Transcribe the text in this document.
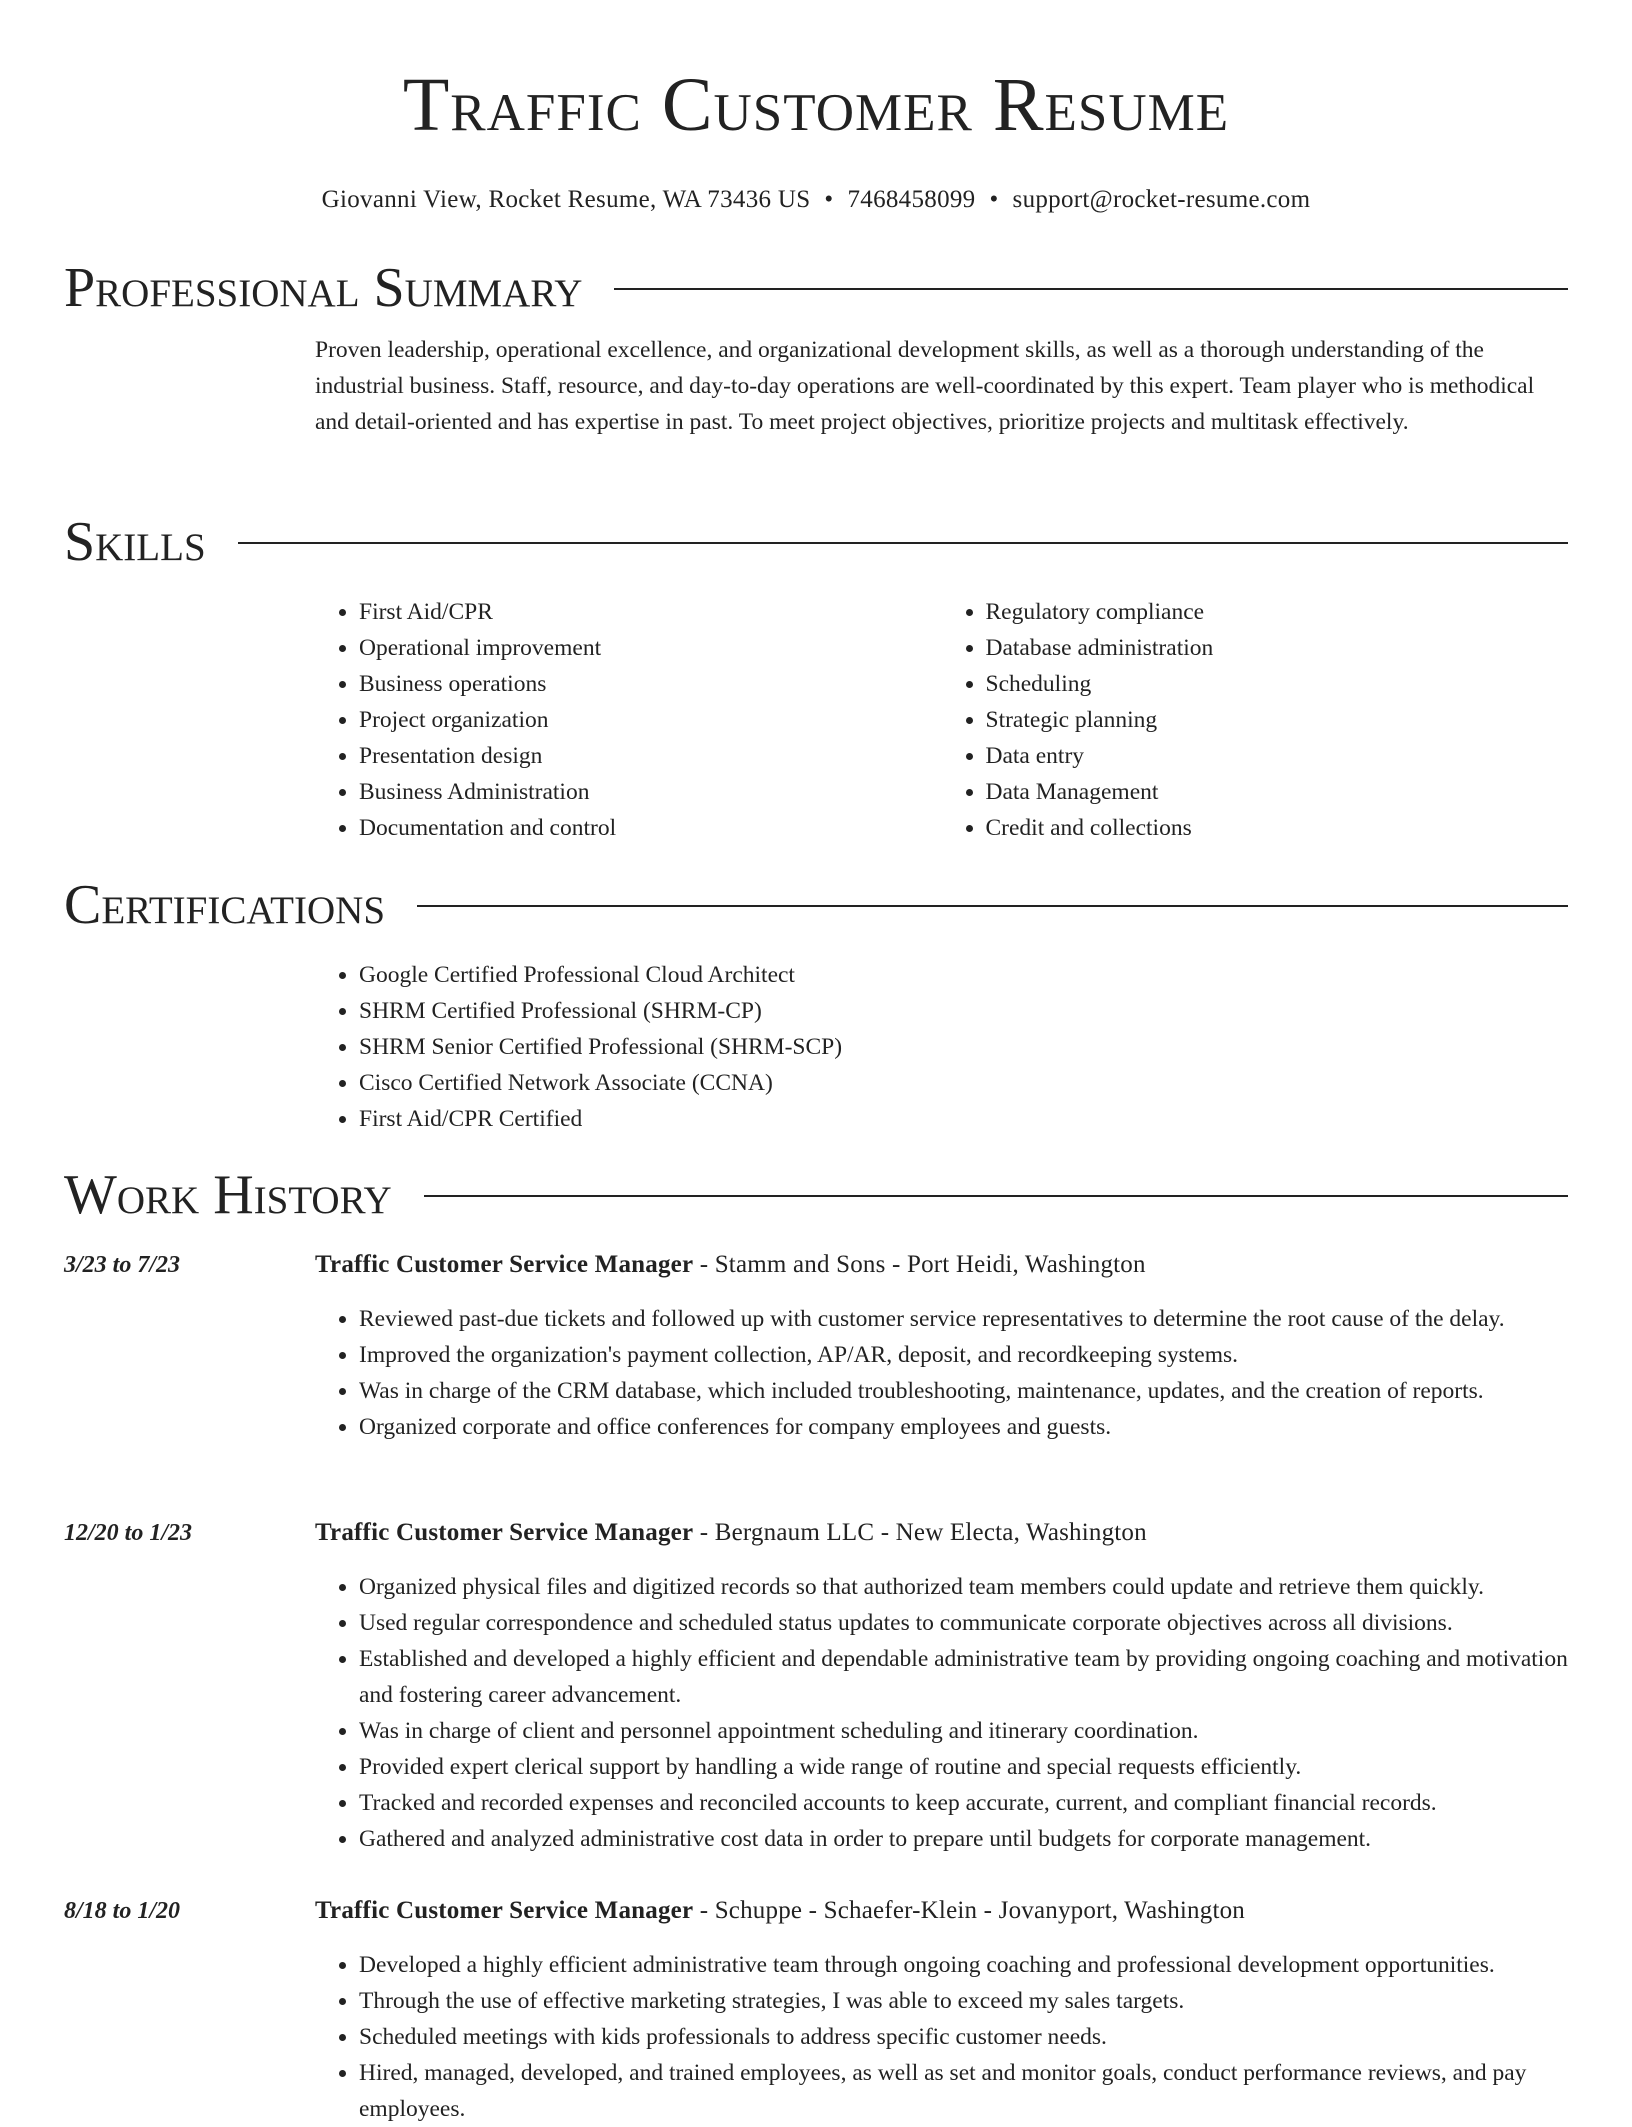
Traffic Customer Resume
Giovanni View, Rocket Resume, WA 73436 US • 7468458099 • support@rocket-resume.com
Professional Summary

Proven leadership, operational excellence, and organizational development skills, as well as a thorough understanding of the industrial business. Staff, resource, and day-to-day operations are well-coordinated by this expert. Team player who is methodical and detail-oriented and has expertise in past. To meet project objectives, prioritize projects and multitask effectively.

Skills
• First Aid/CPR
• Operational improvement
• Business operations
• Project organization
• Presentation design
• Business Administration
• Documentation and control
• Regulatory compliance
• Database administration
• Scheduling
• Strategic planning
• Data entry
• Data Management
• Credit and collections
Certifications
• Google Certified Professional Cloud Architect
• SHRM Certified Professional (SHRM-CP)
• SHRM Senior Certified Professional (SHRM-SCP)
• Cisco Certified Network Associate (CCNA)
• First Aid/CPR Certified
Work History
3/23 to 7/23	Traffic Customer Service Manager - Stamm and Sons - Port Heidi, Washington
• Reviewed past-due tickets and followed up with customer service representatives to determine the root cause of the delay.
• Improved the organization's payment collection, AP/AR, deposit, and recordkeeping systems.
• Was in charge of the CRM database, which included troubleshooting, maintenance, updates, and the creation of reports.
• Organized corporate and office conferences for company employees and guests.
12/20 to 1/23	Traffic Customer Service Manager - Bergnaum LLC - New Electa, Washington
• Organized physical files and digitized records so that authorized team members could update and retrieve them quickly.
• Used regular correspondence and scheduled status updates to communicate corporate objectives across all divisions.
• Established and developed a highly efficient and dependable administrative team by providing ongoing coaching and motivation and fostering career advancement.
• Was in charge of client and personnel appointment scheduling and itinerary coordination.
• Provided expert clerical support by handling a wide range of routine and special requests efficiently.
• Tracked and recorded expenses and reconciled accounts to keep accurate, current, and compliant financial records.
• Gathered and analyzed administrative cost data in order to prepare until budgets for corporate management.
8/18 to 1/20	Traffic Customer Service Manager - Schuppe - Schaefer-Klein - Jovanyport, Washington
• Developed a highly efficient administrative team through ongoing coaching and professional development opportunities.
• Through the use of effective marketing strategies, I was able to exceed my sales targets.
• Scheduled meetings with kids professionals to address specific customer needs.
• Hired, managed, developed, and trained employees, as well as set and monitor goals, conduct performance reviews, and pay employees.
